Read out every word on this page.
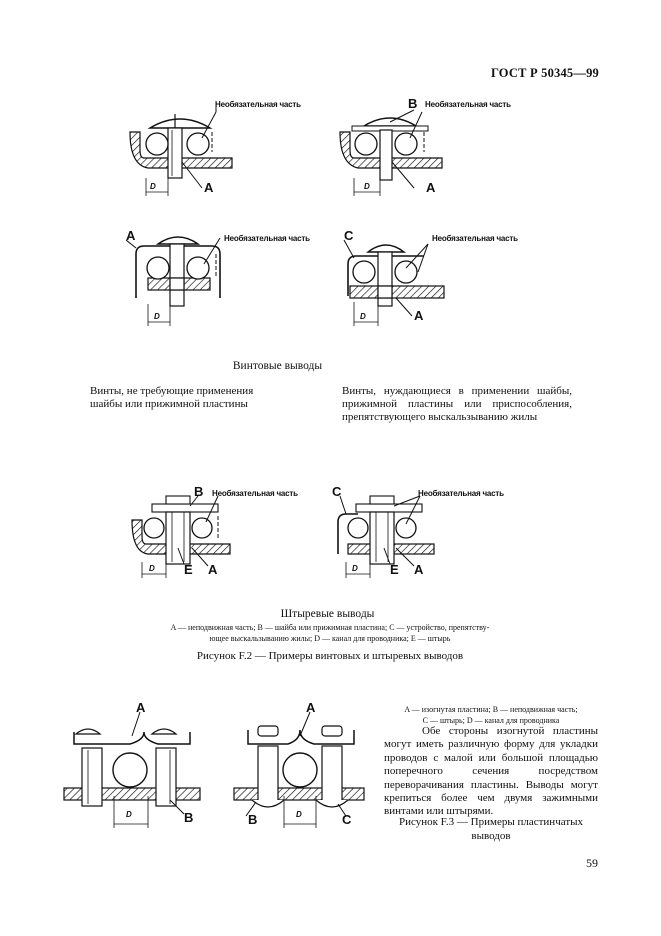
ГОСТ Р 50345—99
Необязательная часть
A
D
B Необязательная часть
A
D
A	Необязательная часть
D
C	Необязательная часть
A
D
Винтовые выводы
Винты, не требующие применения шайбы или прижимной пластины
Винты, нуждающиеся в применении шайбы, прижимной пластины или приспособления, препятствующего выскальзыванию жилы
B Необязательная часть
E A
D
C	Необязательная часть
E A
D
Штыревые выводы
A — неподвижная часть; B — шайба или прижимная пластина; C — устройство, препятству-
ющее выскальзыванию жилы; D — канал для проводника; E — штырь
Рисунок F.2 — Примеры винтовых и штыревых выводов
A
B
D
A
B	C
D
A — изогнутая пластина; B — неподвижная часть;
C — штырь; D — канал для проводника
Обе стороны изогнутой пластины могут иметь различную форму для укладки проводов с малой или большой площадью поперечного сечения посредством переворачивания пластины. Выводы могут крепиться более чем двумя зажимными винтами или штырями.
Рисунок F.3 — Примеры пластинчатых
выводов
59
